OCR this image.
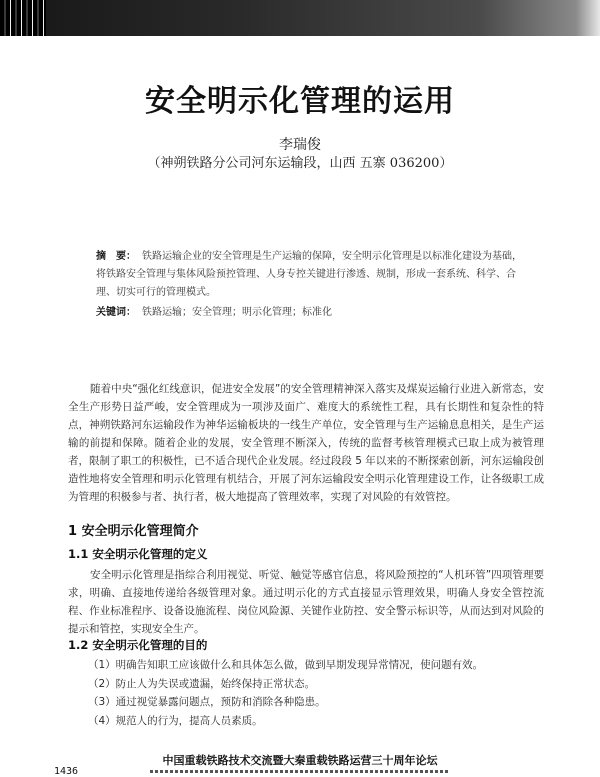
安全明示化管理的运用
李瑞俊
（神朔铁路分公司河东运输段，山西 五寨 036200）
摘　要： 铁路运输企业的安全管理是生产运输的保障，安全明示化管理是以标准化建设为基础，将铁路安全管理与集体风险预控管理、人身专控关键进行渗透、规制，形成一套系统、科学、合理、切实可行的管理模式。
关键词： 铁路运输；安全管理；明示化管理；标准化
随着中央“强化红线意识，促进安全发展”的安全管理精神深入落实及煤炭运输行业进入新常态，安全生产形势日益严峻，安全管理成为一项涉及面广、难度大的系统性工程，具有长期性和复杂性的特点，神朔铁路河东运输段作为神华运输板块的一线生产单位，安全管理与生产运输息息相关，是生产运输的前提和保障。随着企业的发展，安全管理不断深入，传统的监督考核管理模式已取上成为被管理者，限制了职工的积极性，已不适合现代企业发展。经过段段 5 年以来的不断探索创新，河东运输段创造性地将安全管理和明示化管理有机结合，开展了河东运输段安全明示化管理建设工作，让各级职工成为管理的积极参与者、执行者，极大地提高了管理效率，实现了对风险的有效管控。
1 安全明示化管理简介
1.1 安全明示化管理的定义
安全明示化管理是指综合利用视觉、听觉、触觉等感官信息，将风险预控的“人机环管”四项管理要求，明确、直接地传递给各级管理对象。通过明示化的方式直接显示管理效果，明确人身安全管控流程、作业标准程序、设备设施流程、岗位风险源、关键作业防控、安全警示标识等，从而达到对风险的提示和管控，实现安全生产。
1.2 安全明示化管理的目的
（1）明确告知职工应该做什么和具体怎么做，做到早期发现异常情况，使问题有效。
（2）防止人为失误或遗漏，始终保持正常状态。
（3）通过视觉暴露问题点，预防和消除各种隐患。
（4）规范人的行为，提高人员素质。
中国重载铁路技术交流暨大秦重载铁路运营三十周年论坛
1436
